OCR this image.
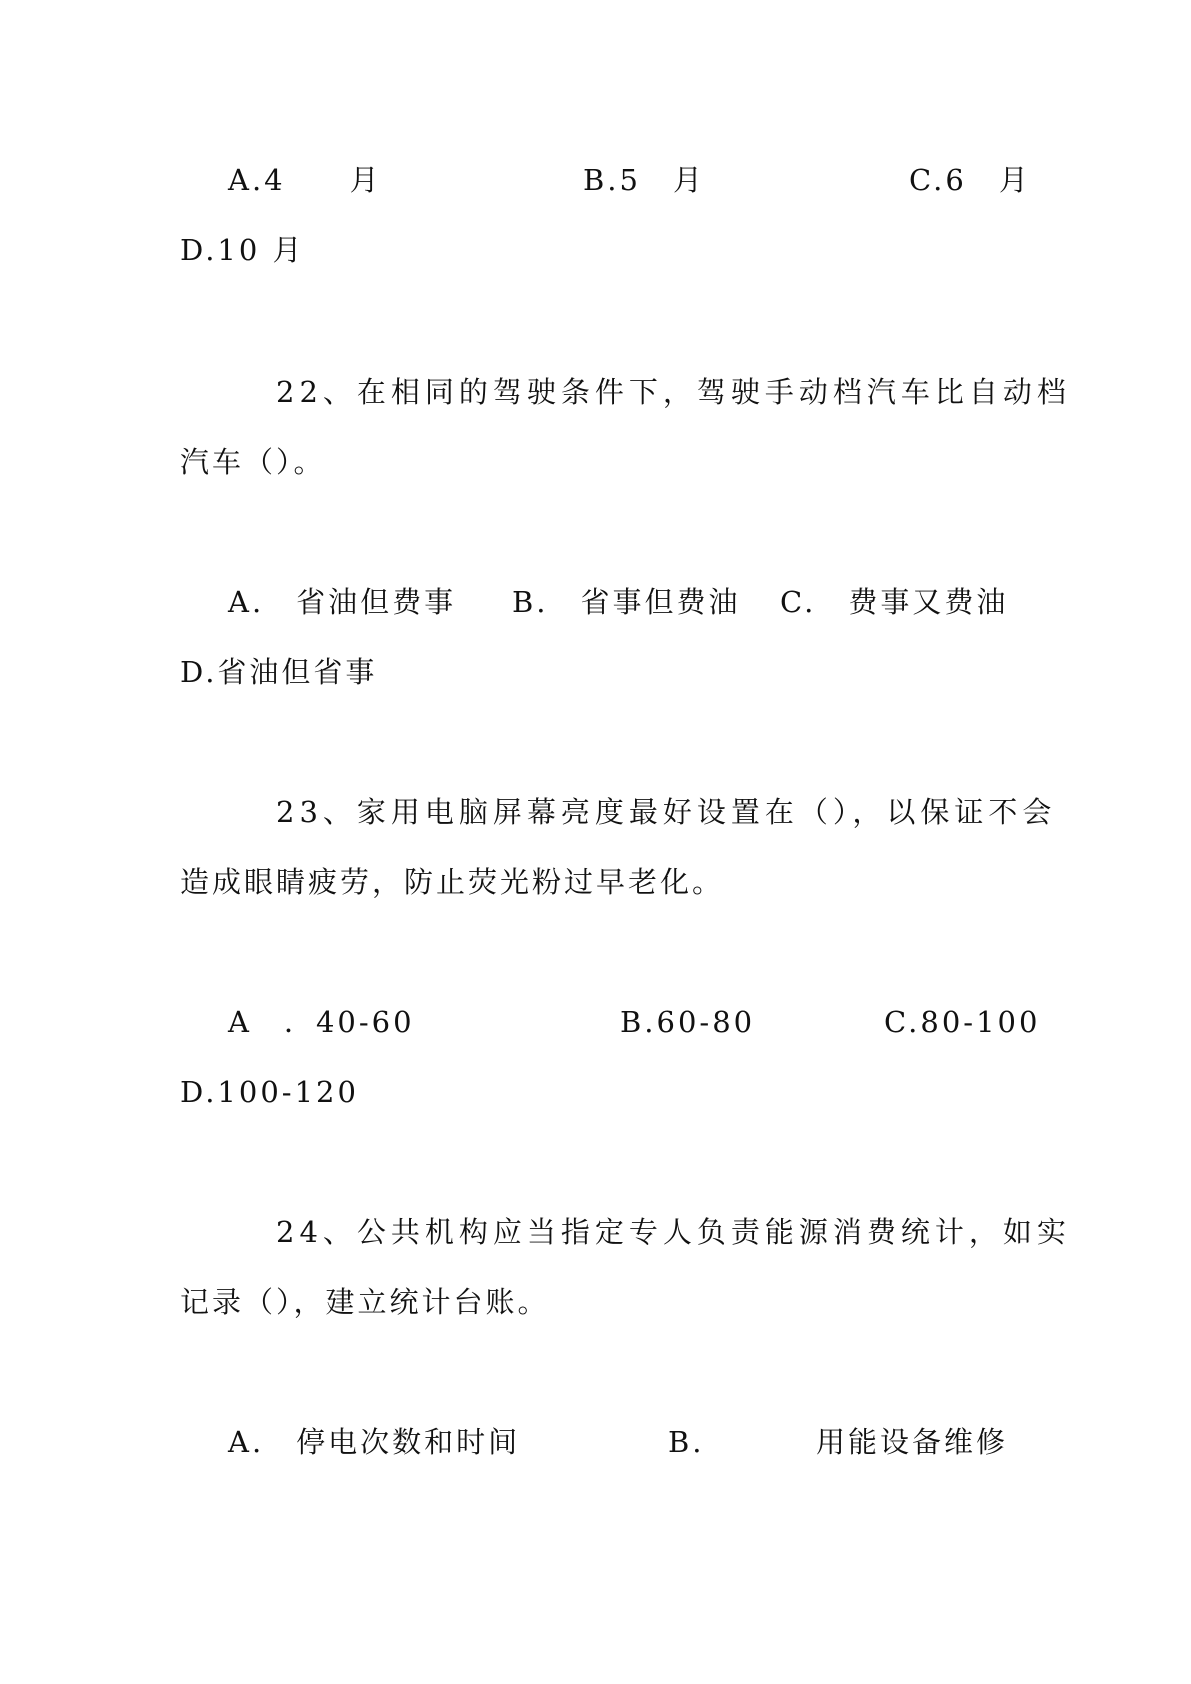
A.4　　月	B.5　月	C.6　月
D.10 月
22、在相同的驾驶条件下，驾驶手动档汽车比自动档
汽车（）。
A.　省油但费事 B.　省事但费油 C.　费事又费油
D.省油但省事
23、家用电脑屏幕亮度最好设置在（），以保证不会
造成眼睛疲劳，防止荧光粉过早老化。
A　．40-60	B.60-80	C.80-100
D.100-120
24、公共机构应当指定专人负责能源消费统计，如实
记录（），建立统计台账。
A.　停电次数和时间	B.	用能设备维修
